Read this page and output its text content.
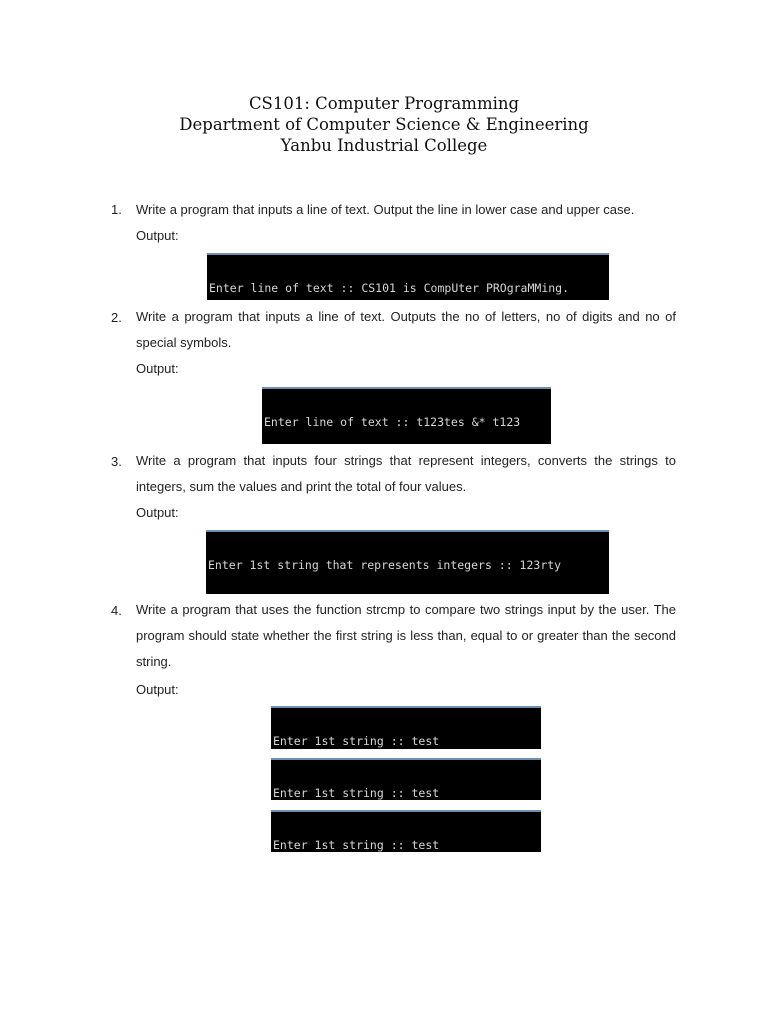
CS101: Computer Programming
Department of Computer Science & Engineering
Yanbu Industrial College
1.	Write a program that inputs a line of text. Output the line in lower case and upper case.
Output:

Enter line of text :: CS101 is CompUter PROgraMMing.

2.	Write a program that inputs a line of text. Outputs the no of letters, no of digits and no of special symbols.
Output:

Enter line of text :: t123tes &* t123

3.	Write a program that inputs four strings that represent integers, converts the strings to integers, sum the values and print the total of four values.
Output:

Enter 1st string that represents integers :: 123rty

4.	Write a program that uses the function strcmp to compare two strings input by the user. The program should state whether the first string is less than, equal to or greater than the second string.
Output:

Enter 1st string :: test

Enter 1st string :: test

Enter 1st string :: test
